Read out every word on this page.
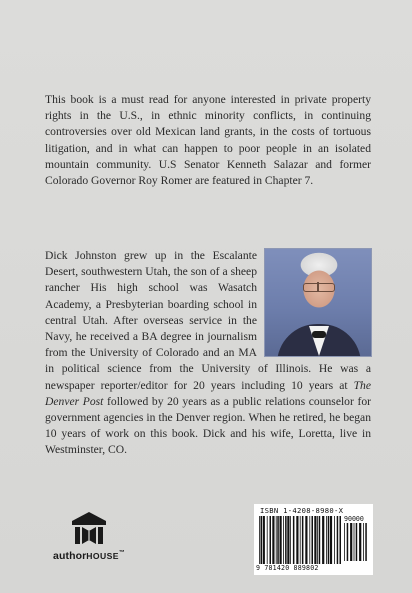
This book is a must read for anyone interested in private property rights in the U.S., in ethnic minority conflicts, in continuing controversies over old Mexican land grants, in the costs of tortuous litigation, and in what can happen to poor people in an isolated mountain community. U.S Senator Kenneth Salazar and former Colorado Governor Roy Romer are featured in Chapter 7.

Dick Johnston grew up in the Escalante Desert, southwestern Utah, the son of a sheep rancher His high school was Wasatch Academy, a Presbyterian boarding school in central Utah. After overseas service in the Navy, he received a BA degree in journalism from the University of Colorado and an MA in political science from the University of Illinois. He was a newspaper reporter/editor for 20 years including 10 years at The Denver Post followed by 20 years as a public relations counselor for government agencies in the Denver region. When he retired, he began 10 years of work on this book. Dick and his wife, Loretta, live in Westminster, CO.
authorHOUSE™
ISBN 1-4208-8980-X
90000
9 781420 889802
